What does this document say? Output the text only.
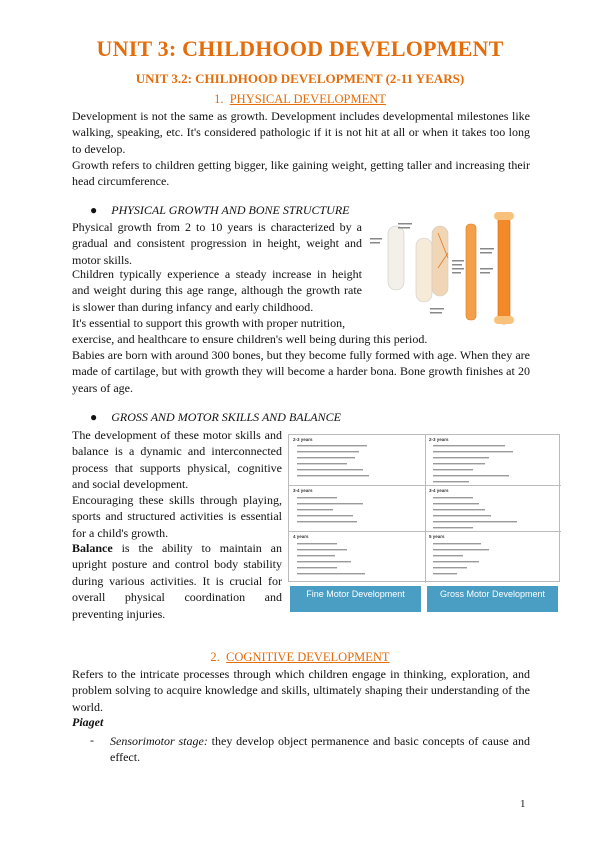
UNIT 3: CHILDHOOD DEVELOPMENT
UNIT 3.2: CHILDHOOD DEVELOPMENT (2-11 YEARS)
1. PHYSICAL DEVELOPMENT

Development is not the same as growth. Development includes developmental milestones like walking, speaking, etc. It's considered pathologic if it is not hit at all or when it takes too long to develop.

Growth refers to children getting bigger, like gaining weight, getting taller and increasing their head circumference.

● PHYSICAL GROWTH AND BONE STRUCTURE

Physical growth from 2 to 10 years is characterized by a gradual and consistent progression in height, weight and motor skills.

Children typically experience a steady increase in height and weight during this age range, although the growth rate is slower than during infancy and early childhood.

It's essential to support this growth with proper nutrition,

exercise, and healthcare to ensure children's well being during this period.

Babies are born with around 300 bones, but they become fully formed with age. When they are made of cartilage, but with growth they will become a harder bona. Bone growth finishes at 20 years of age.

● GROSS AND MOTOR SKILLS AND BALANCE

The development of these motor skills and balance is a dynamic and interconnected process that supports physical, cognitive and social development.

Encouraging these skills through playing, sports and structured activities is essential for a child's growth.

Balance is the ability to maintain an upright posture and control body stability during various activities. It is crucial for overall physical coordination and preventing injuries.

2-3 years	2-3 years
3-4 years	3-4 years
4 years	5 years
Fine Motor Development	Gross Motor Development
2. COGNITIVE DEVELOPMENT

Refers to the intricate processes through which children engage in thinking, exploration, and problem solving to acquire knowledge and skills, ultimately shaping their understanding of the world.

Piaget
- Sensorimotor stage: they develop object permanence and basic concepts of cause and effect.

1
